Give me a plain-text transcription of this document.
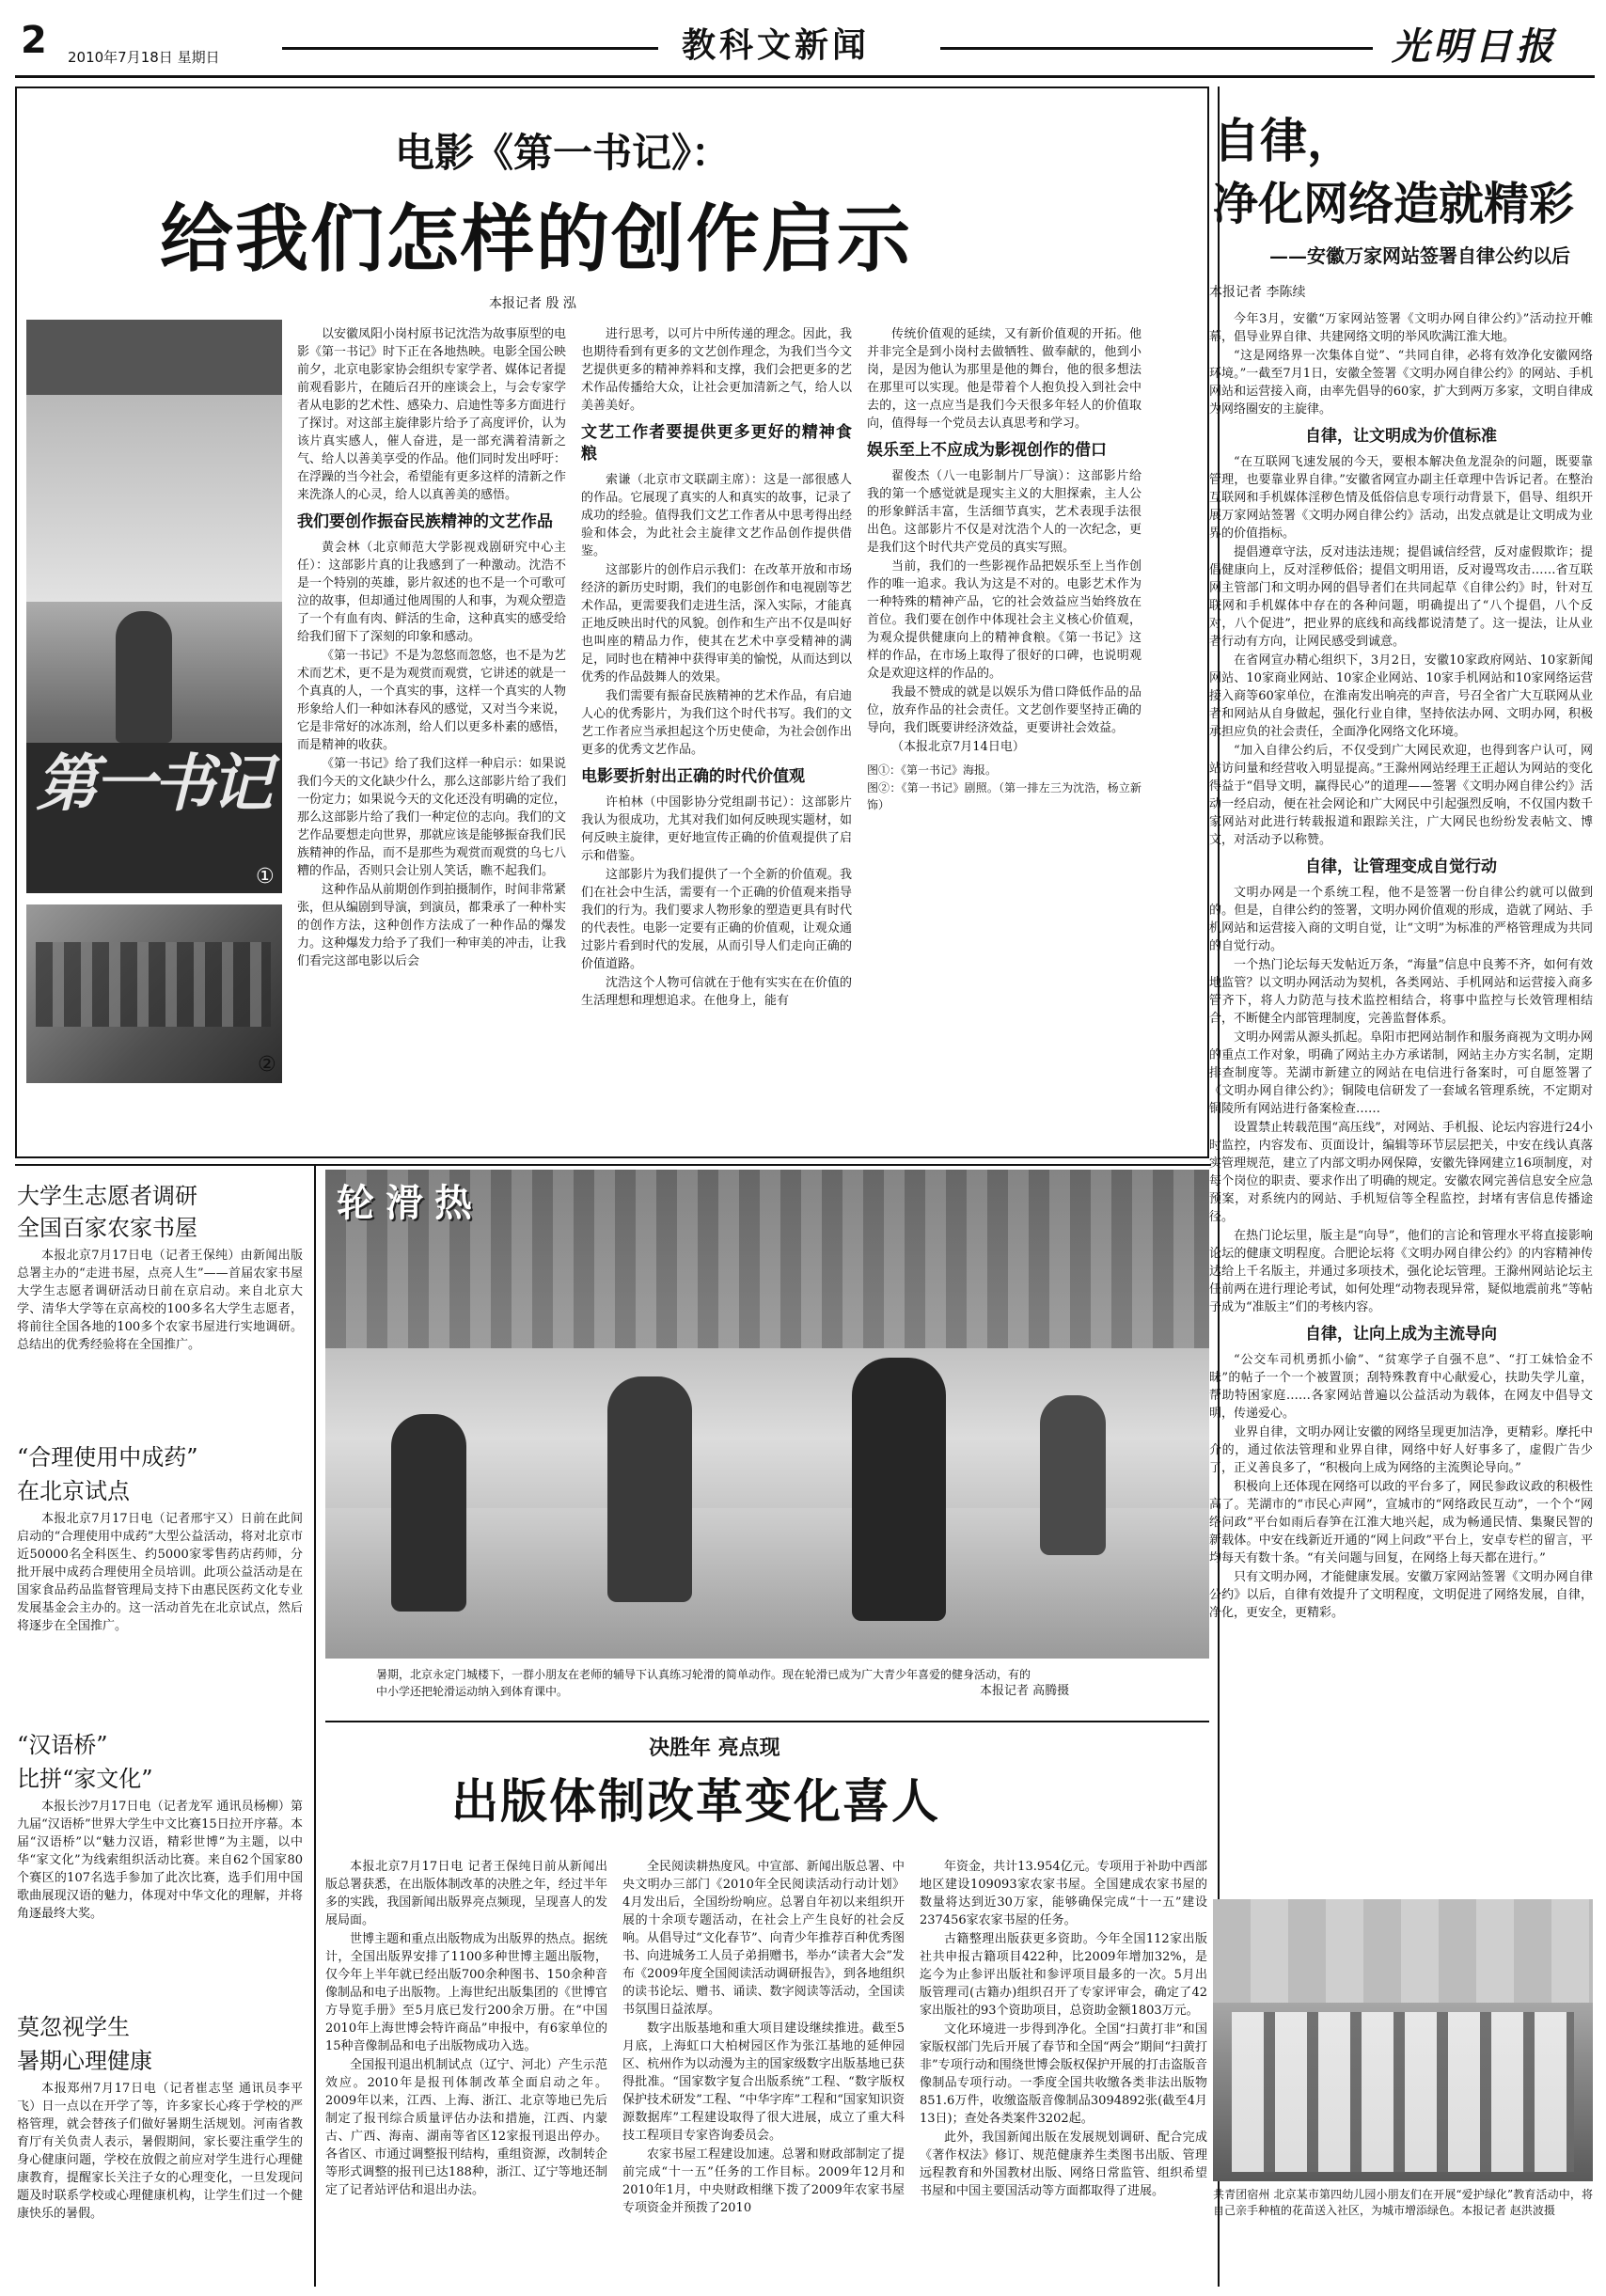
2 2010年7月18日 星期日	教科文新闻	光明日报
电影《第一书记》：
给我们怎样的创作启示
本报记者 殷 泓
第一书记
①
②

以安徽凤阳小岗村原书记沈浩为故事原型的电影《第一书记》时下正在各地热映。电影全国公映前夕，北京电影家协会组织专家学者、媒体记者提前观看影片，在随后召开的座谈会上，与会专家学者从电影的艺术性、感染力、启迪性等多方面进行了探讨。对这部主旋律影片给予了高度评价，认为该片真实感人，催人奋进，是一部充满着清新之气、给人以善美享受的作品。他们同时发出呼吁：在浮躁的当今社会，希望能有更多这样的清新之作来洗涤人的心灵，给人以真善美的感悟。

我们要创作振奋民族精神的文艺作品

黄会林（北京师范大学影视戏剧研究中心主任）：这部影片真的让我感到了一种激动。沈浩不是一个特别的英雄，影片叙述的也不是一个可歌可泣的故事，但却通过他周围的人和事，为观众塑造了一个有血有肉、鲜活的生命，这种真实的感受给给我们留下了深刻的印象和感动。

《第一书记》不是为忽悠而忽悠，也不是为艺术而艺术，更不是为观赏而观赏，它讲述的就是一个真真的人，一个真实的事，这样一个真实的人物形象给人们一种如沐春风的感觉，又对当今来说，它是非常好的冰冻剂，给人们以更多朴素的感悟，而是精神的收获。

《第一书记》给了我们这样一种启示：如果说我们今天的文化缺少什么，那么这部影片给了我们一份定力；如果说今天的文化还没有明确的定位，那么这部影片给了我们一种定位的志向。我们的文艺作品要想走向世界，那就应该是能够振奋我们民族精神的作品，而不是那些为观赏而观赏的乌七八糟的作品，否则只会让别人笑话，瞧不起我们。

这种作品从前期创作到拍摄制作，时间非常紧张，但从编剧到导演，到演员，都秉承了一种朴实的创作方法，这种创作方法成了一种作品的爆发力。这种爆发力给予了我们一种审美的冲击，让我们看完这部电影以后会

进行思考，以可片中所传递的理念。因此，我也期待看到有更多的文艺创作理念，为我们当今文艺提供更多的精神养料和支撑，我们会把更多的艺术作品传播给大众，让社会更加清新之气，给人以美善美好。

文艺工作者要提供更多更好的精神食粮

索谦（北京市文联副主席）：这是一部很感人的作品。它展现了真实的人和真实的故事，记录了成功的经验。值得我们文艺工作者从中思考得出经验和体会，为此社会主旋律文艺作品创作提供借鉴。

这部影片的创作启示我们：在改革开放和市场经济的新历史时期，我们的电影创作和电视剧等艺术作品，更需要我们走进生活，深入实际，才能真正地反映出时代的风貌。创作和生产出不仅是叫好也叫座的精品力作，使其在艺术中享受精神的满足，同时也在精神中获得审美的愉悦，从而达到以优秀的作品鼓舞人的效果。

我们需要有振奋民族精神的艺术作品，有启迪人心的优秀影片，为我们这个时代书写。我们的文艺工作者应当承担起这个历史使命，为社会创作出更多的优秀文艺作品。

电影要折射出正确的时代价值观

许柏林（中国影协分党组副书记）：这部影片我认为很成功，尤其对我们如何反映现实题材，如何反映主旋律，更好地宣传正确的价值观提供了启示和借鉴。

这部影片为我们提供了一个全新的价值观。我们在社会中生活，需要有一个正确的价值观来指导我们的行为。我们要求人物形象的塑造更具有时代的代表性。电影一定要有正确的价值观，让观众通过影片看到时代的发展，从而引导人们走向正确的价值道路。

沈浩这个人物可信就在于他有实实在在价值的生活理想和理想追求。在他身上，能有

传统价值观的延续，又有新价值观的开拓。他并非完全是到小岗村去做牺牲、做奉献的，他到小岗，是因为他认为那里是他的舞台，他的很多想法在那里可以实现。他是带着个人抱负投入到社会中去的，这一点应当是我们今天很多年轻人的价值取向，值得每一个党员去认真思考和学习。

娱乐至上不应成为影视创作的借口

翟俊杰（八一电影制片厂导演）：这部影片给我的第一个感觉就是现实主义的大胆探索，主人公的形象鲜活丰富，生活细节真实，艺术表现手法很出色。这部影片不仅是对沈浩个人的一次纪念，更是我们这个时代共产党员的真实写照。

当前，我们的一些影视作品把娱乐至上当作创作的唯一追求。我认为这是不对的。电影艺术作为一种特殊的精神产品，它的社会效益应当始终放在首位。我们要在创作中体现社会主义核心价值观，为观众提供健康向上的精神食粮。《第一书记》这样的作品，在市场上取得了很好的口碑，也说明观众是欢迎这样的作品的。

我最不赞成的就是以娱乐为借口降低作品的品位，放弃作品的社会责任。文艺创作要坚持正确的导向，我们既要讲经济效益，更要讲社会效益。

（本报北京7月14日电）

图①：《第一书记》海报。

图②：《第一书记》剧照。（第一排左三为沈浩，杨立新饰）

自律，
净化网络造就精彩
——安徽万家网站签署自律公约以后
本报记者 李陈续

今年3月，安徽“万家网站签署《文明办网自律公约》”活动拉开帷幕，倡导业界自律、共建网络文明的举风吹满江淮大地。

“这是网络界一次集体自觉”、“共同自律，必将有效净化安徽网络环境。”一截至7月1日，安徽全签署《文明办网自律公约》的网站、手机网站和运营接入商，由率先倡导的60家，扩大到两万多家，文明自律成为网络圈安的主旋律。

自律，让文明成为价值标准

“在互联网飞速发展的今天，要根本解决鱼龙混杂的问题，既要靠管理，也要靠业界自律。”安徽省网宣办副主任章理中告诉记者。在整治互联网和手机媒体淫秽色情及低俗信息专项行动背景下，倡导、组织开展万家网站签署《文明办网自律公约》活动，出发点就是让文明成为业界的价值指标。

提倡遵章守法，反对违法违规；提倡诚信经营，反对虚假欺诈；提倡健康向上，反对淫秽低俗；提倡文明用语，反对谩骂攻击……省互联网主管部门和文明办网的倡导者们在共同起草《自律公约》时，针对互联网和手机媒体中存在的各种问题，明确提出了“八个提倡，八个反对，八个促进”，把业界的底线和高线都说清楚了。这一提法，让从业者行动有方向，让网民感受到诚意。

在省网宣办精心组织下，3月2日，安徽10家政府网站、10家新闻网站、10家商业网站、10家企业网站、10家手机网站和10家网络运营接入商等60家单位，在淮南发出响亮的声音，号召全省广大互联网从业者和网站从自身做起，强化行业自律，坚持依法办网、文明办网，积极承担应负的社会责任，全面净化网络文化环境。

“加入自律公约后，不仅受到广大网民欢迎，也得到客户认可，网站访问量和经营收入明显提高。”王滁州网站经理王正超认为网站的变化得益于“倡导文明，赢得民心”的道理——签署《文明办网自律公约》活动一经启动，便在社会网论和广大网民中引起强烈反响，不仅国内数千家网站对此进行转载报道和跟踪关注，广大网民也纷纷发表帖文、博文，对活动予以称赞。

自律，让管理变成自觉行动

文明办网是一个系统工程，他不是签署一份自律公约就可以做到的。但是，自律公约的签署，文明办网价值观的形成，造就了网站、手机网站和运营接入商的文明自觉，让“文明”为标准的严格管理成为共同的自觉行动。

一个热门论坛每天发帖近万条，“海量”信息中良莠不齐，如何有效地监管？以文明办网活动为契机，各类网站、手机网站和运营接入商多管齐下，将人力防范与技术监控相结合，将事中监控与长效管理相结合，不断健全内部管理制度，完善监督体系。

文明办网需从源头抓起。阜阳市把网站制作和服务商视为文明办网的重点工作对象，明确了网站主办方承诺制，网站主办方实名制，定期排查制度等。芜湖市新建立的网站在电信进行备案时，可自愿签署了《文明办网自律公约》；铜陵电信研发了一套域名管理系统，不定期对铜陵所有网站进行备案检查……

设置禁止转载范围“高压线”，对网站、手机报、论坛内容进行24小时监控，内容发布、页面设计，编辑等环节层层把关，中安在线认真落实管理规范，建立了内部文明办网保障，安徽先锋网建立16项制度，对每个岗位的职责、要求作出了明确的规定。安徽农网完善信息安全应急预案，对系统内的网站、手机短信等全程监控，封堵有害信息传播途径。

在热门论坛里，版主是“向导”，他们的言论和管理水平将直接影响论坛的健康文明程度。合肥论坛将《文明办网自律公约》的内容精神传达给上千名版主，并通过多项技术，强化论坛管理。王滁州网站论坛主任前两在进行理论考试，如何处理“动物表现异常，疑似地震前兆”等帖子成为“准版主”们的考核内容。

自律，让向上成为主流导向

“公交车司机勇抓小偷”、“贫寒学子自强不息”、“打工妹恰金不昧”的帖子一个一个被置顶；刮特殊教育中心献爱心，扶助失学儿童，帮助特困家庭……各家网站普遍以公益活动为载体，在网友中倡导文明，传递爱心。

业界自律，文明办网让安徽的网络呈现更加洁净，更精彩。摩托中介的，通过依法管理和业界自律，网络中好人好事多了，虚假广告少了，正义善良多了，“积极向上成为网络的主流舆论导向。”

积极向上还体现在网络可以政的平台多了，网民参政议政的积极性高了。芜湖市的“市民心声网”，宣城市的“网络政民互动”，一个个“网络问政”平台如雨后春笋在江淮大地兴起，成为畅通民情、集聚民智的新载体。中安在线新近开通的“网上问政”平台上，安卓专栏的留言，平均每天有数十条。“有关问题与回复，在网络上每天都在进行。”

只有文明办网，才能健康发展。安徽万家网站签署《文明办网自律公约》以后，自律有效提升了文明程度，文明促进了网络发展，自律，净化，更安全，更精彩。

共青团宿州 北京某市第四幼儿园小朋友们在开展“爱护绿化”教育活动中，将自己亲手种植的花苗送入社区，为城市增添绿色。本报记者 赵洪波摄
大学生志愿者调研
全国百家农家书屋

本报北京7月17日电（记者王保纯）由新闻出版总署主办的“走进书屋，点亮人生”——首届农家书屋大学生志愿者调研活动日前在京启动。来自北京大学、清华大学等在京高校的100多名大学生志愿者，将前往全国各地的100多个农家书屋进行实地调研。总结出的优秀经验将在全国推广。

“合理使用中成药”
在北京试点

本报北京7月17日电（记者邢宇又）日前在此间启动的“合理使用中成药”大型公益活动，将对北京市近50000名全科医生、约5000家零售药店药师，分批开展中成药合理使用全员培训。此项公益活动是在国家食品药品监督管理局支持下由惠民医药文化专业发展基金会主办的。这一活动首先在北京试点，然后将逐步在全国推广。

“汉语桥”
比拼“家文化”

本报长沙7月17日电（记者龙军 通讯员杨柳）第九届“汉语桥”世界大学生中文比赛15日拉开序幕。本届“汉语桥”以“魅力汉语，精彩世博”为主题，以中华“家文化”为线索组织活动比赛。来自62个国家80个赛区的107名选手参加了此次比赛，选手们用中国歌曲展现汉语的魅力，体现对中华文化的理解，并将角逐最终大奖。

莫忽视学生
暑期心理健康

本报郑州7月17日电（记者崔志坚 通讯员李平飞）日一点以在开学了等，许多家长心疼于学校的严格管理，就会替孩子们做好暑期生活规划。河南省教育厅有关负责人表示，暑假期间，家长要注重学生的身心健康问题，学校在放假之前应对学生进行心理健康教育，提醒家长关注子女的心理变化，一旦发现问题及时联系学校或心理健康机构，让学生们过一个健康快乐的暑假。

轮滑热
暑期，北京永定门城楼下，一群小朋友在老师的辅导下认真练习轮滑的简单动作。现在轮滑已成为广大青少年喜爱的健身活动，有的中小学还把轮滑运动纳入到体育课中。	本报记者 高腾摄
决胜年 亮点现
出版体制改革变化喜人

本报北京7月17日电 记者王保纯日前从新闻出版总署获悉，在出版体制改革的决胜之年，经过半年多的实践，我国新闻出版界亮点频现，呈现喜人的发展局面。

世博主题和重点出版物成为出版界的热点。据统计，全国出版界安排了1100多种世博主题出版物，仅今年上半年就已经出版700余种图书、150余种音像制品和电子出版物。上海世纪出版集团的《世博官方导览手册》至5月底已发行200余万册。在“中国2010年上海世博会特许商品”申报中，有6家单位的15种音像制品和电子出版物成功入选。

全国报刊退出机制试点（辽宁、河北）产生示范效应。2010年是报刊体制改革全面启动之年。2009年以来，江西、上海、浙江、北京等地已先后制定了报刊综合质量评估办法和措施，江西、内蒙古、广西、海南、湖南等省区12家报刊退出停办。各省区、市通过调整报刊结构，重组资源，改制转企等形式调整的报刊已达188种，浙江、辽宁等地还制定了记者站评估和退出办法。

全民阅读耕热度风。中宣部、新闻出版总署、中央文明办三部门《2010年全民阅读活动行动计划》4月发出后，全国纷纷响应。总署自年初以来组织开展的十余项专题活动，在社会上产生良好的社会反响。从倡导过“文化春节”、向青少年推荐百种优秀图书、向进城务工人员子弟捐赠书，举办“读者大会”发布《2009年度全国阅读活动调研报告》，到各地组织的读书论坛、赠书、诵读、数字阅读等活动，全国读书氛围日益浓厚。

数字出版基地和重大项目建设继续推进。截至5月底，上海虹口大柏树园区作为张江基地的延伸园区、杭州作为以动漫为主的国家级数字出版基地已获得批准。“国家数字复合出版系统”工程、“数字版权保护技术研发”工程、“中华字库”工程和“国家知识资源数据库”工程建设取得了很大进展，成立了重大科技工程项目专家咨询委员会。

农家书屋工程建设加速。总署和财政部制定了提前完成“十一五”任务的工作目标。2009年12月和2010年1月，中央财政相继下拨了2009年农家书屋专项资金并预拨了2010

年资金，共计13.954亿元。专项用于补助中西部地区建设109093家农家书屋。全国建成农家书屋的数量将达到近30万家，能够确保完成“十一五”建设237456家农家书屋的任务。

古籍整理出版获更多资助。今年全国112家出版社共申报古籍项目422种，比2009年增加32%，是迄今为止参评出版社和参评项目最多的一次。5月出版管理司(古籍办)组织召开了专家评审会，确定了42家出版社的93个资助项目，总资助金额1803万元。

文化环境进一步得到净化。全国“扫黄打非”和国家版权部门先后开展了春节和全国“两会”期间“扫黄打非”专项行动和围绕世博会版权保护开展的打击盗版音像制品专项行动。一季度全国共收缴各类非法出版物851.6万件，收缴盗版音像制品3094892张(截至4月13日)；查处各类案件3202起。

此外，我国新闻出版在发展规划调研、配合完成《著作权法》修订、规范健康养生类图书出版、管理远程教育和外国教材出版、网络日常监管、组织希望书屋和中国主要国活动等方面都取得了进展。
